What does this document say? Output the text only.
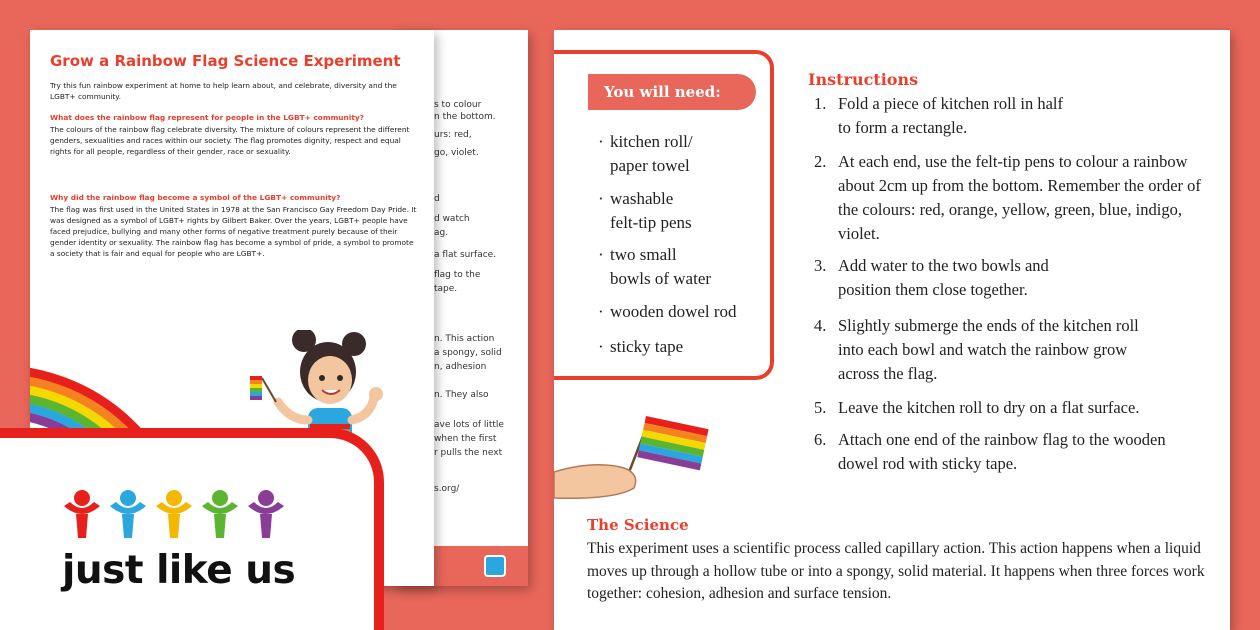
s to colour
n the bottom.
urs: red,
go, violet.
d
d watch
ag.
a flat surface.
flag to the
tape.
n. This action
a spongy, solid
n, adhesion
n. They also
ave lots of little
when the first
r pulls the next
s.org/
Grow a Rainbow Flag Science Experiment
Try this fun rainbow experiment at home to help learn about, and celebrate, diversity and the LGBT+ community.
What does the rainbow flag represent for people in the LGBT+ community?
The colours of the rainbow flag celebrate diversity. The mixture of colours represent the different genders, sexualities and races within our society. The flag promotes dignity, respect and equal rights for all people, regardless of their gender, race or sexuality.
Why did the rainbow flag become a symbol of the LGBT+ community?
The flag was first used in the United States in 1978 at the San Francisco Gay Freedom Day Pride. It was designed as a symbol of LGBT+ rights by Gilbert Baker. Over the years, LGBT+ people have faced prejudice, bullying and many other forms of negative treatment purely because of their gender identity or sexuality. The rainbow flag has become a symbol of pride, a symbol to promote a society that is fair and equal for people who are LGBT+.
You will need:
· kitchen roll/
paper towel
· washable
felt-tip pens
· two small
bowls of water
· wooden dowel rod
· sticky tape
Instructions
1. Fold a piece of kitchen roll in half to form a rectangle.
2. At each end, use the felt-tip pens to colour a rainbow about 2cm up from the bottom. Remember the order of the colours: red, orange, yellow, green, blue, indigo, violet.
3. Add water to the two bowls and position them close together.
4. Slightly submerge the ends of the kitchen roll into each bowl and watch the rainbow grow across the flag.
5. Leave the kitchen roll to dry on a flat surface.
6. Attach one end of the rainbow flag to the wooden dowel rod with sticky tape.
The Science
This experiment uses a scientific process called capillary action. This action happens when a liquid moves up through a hollow tube or into a spongy, solid material. It happens when three forces work together: cohesion, adhesion and surface tension.
just like us
